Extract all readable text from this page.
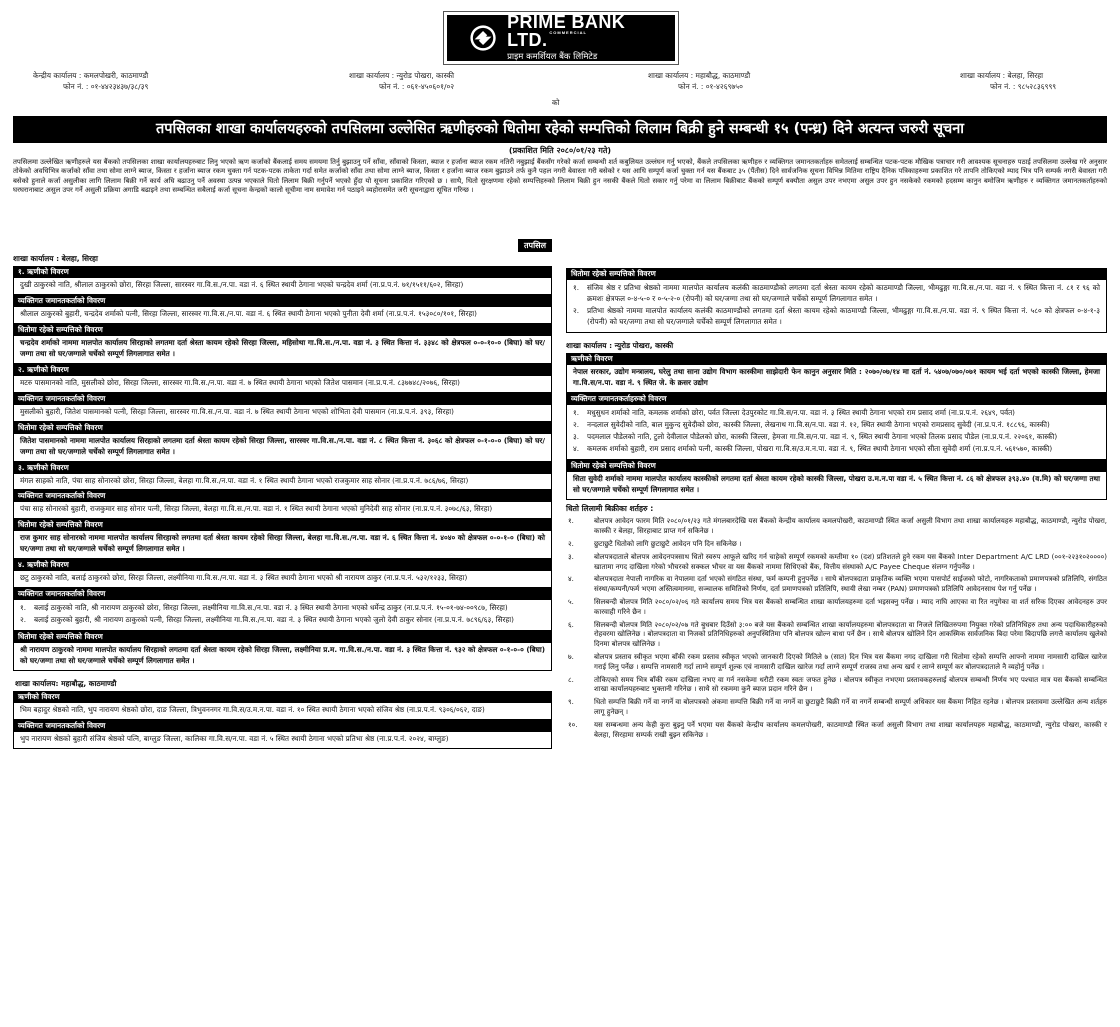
PRIME BANK LTD. $^{COMMERCIAL}$
प्राइम कमर्शियल बैंक लिमिटेड
केन्द्रीय कार्यालय : कमलपोखरी, काठमाण्डौ
फोन नं. : ०१-४४२३४३७/३८/३९
शाखा कार्यालय : न्युरोड पोखरा, कास्की
फोन नं. : ०६१-४५०६०१/०२
शाखा कार्यालय : महाबौद्ध, काठमाण्डौ
फोन नं. : ०१-४२६९७५०
शाखा कार्यालय : बेलहा, सिरहा
फोन नं. : ९८५२८३६९९९
को
तपसिलका शाखा कार्यालयहरुको तपसिलमा उल्लेसित ऋणीहरुको धितोमा रहेको सम्पत्तिको लिलाम बिक्री हुने सम्बन्धी १५ (पन्ध्र) दिने अत्यन्त जरुरी सूचना
(प्रकाशित मिति २०८०/०१/२३ गते)
तपसिलमा उल्लेखित ऋणीहरुले यस बैंकको तपसिलका शाखा कार्यालयहरुबाट लिनु भएको ऋण कर्जाको बैंकलाई समय समयमा तिर्नु बुझाउनु पर्ने साँवा, साँवाको किस्ता, ब्याज र हर्जाना ब्याज रकम नतिरी नबुझाई बैंकसँग गरेको कर्जा सम्बन्धी शर्त कबुलियत उल्लंघन गर्नु भएको, बैंकले तपसिलका ऋणीहरु र व्यक्तिगत जमानतकर्ताहरु समेतलाई सम्बन्धित पटक-पटक मौखिक पत्राचार गरी आवश्यक सूचनाहरु पठाई तपसिलमा उल्लेख गरे अनुसार तोकेको अवधिभित्र कर्जाको साँवा तथा सोमा लाग्ने ब्याज, किस्ता र हर्जाना ब्याज रकम चुक्ता गर्न पटक-पटक ताकेता गर्दा समेत कर्जाको साँवा तथा सोमा लाग्ने ब्याज, किस्ता र हर्जाना ब्याज रकम बुझाउने तर्फ कुनै पहल नगरी बेवास्ता गरी बसेको र यस आधि सम्पूर्ण कर्जा चुक्ता गर्न यस बैंकबाट ३५ (पैंतीस) दिने सार्वजनिक सूचना विभिन्न मितिमा राष्ट्रिय दैनिक पत्रिकाहरुमा प्रकाशित गरे तापनि तोकिएको म्याद भित्र पनि सम्पर्क नगरी बेवास्ता गरी बसेको हुनाले कर्जा असुलीका लागि लिलाम बिक्री गर्ने कार्य अघि बढाउनु पर्ने अवस्था उत्पन्न भएकाले धितो लिलाम बिक्री गर्नुपर्ने भएको हुँदा यो सूचना प्रकाशित गरिएको छ । साथै, धितो सुरक्षणमा रहेको सम्पत्तिहरुको लिलाम बिक्री हुन नसकी बैंकले धितो सकार गर्नु परेमा वा लिलाम बिक्रीबाट बैंकको सम्पूर्ण बक्यौता असुल उपर नभएमा असुल उपर हुन नसकेको रकमको हदसम्म कानुन बमोजिम ऋणीहरु र व्यक्तिगत जमानतकर्ताहरुको घरघरानाबाट असुल उपर गर्ने असुली प्रक्रिया अगाडि बढाइने तथा सम्बन्धित सबैलाई कर्जा सूचना केन्द्रको कालो सूचीमा नाम समावेश गर्न पठाइने व्यहोरासमेत जरी सूचनाद्वारा सूचित गरिन्छ ।
तपसिल
शाखा कार्यालय : बेलहा, सिरहा
१. ऋणीको विवरण
दुखी ठाकुरको नाति, श्रीलाल ठाकुरको छोरा, सिरहा जिल्ला, सारस्वर गा.वि.स./न.पा. वडा नं. ६ स्थित स्थायी ठेगाना भएको चन्द्रदेव शर्मा (ना.प्र.प.नं. ७१/१५११/६०२, सिरहा)
व्यक्तिगत जमानतकर्ताको विवरण
श्रीलाल ठाकुरको बुहारी, चन्द्रदेव शर्माको पत्नी, सिरहा जिल्ला, सारस्वर गा.वि.स./न.पा. वडा नं. ६ स्थित स्थायी ठेगाना भएको पुनीता देवी शर्मा (ना.प्र.प.नं. १५३०८०/१०१, सिरहा)
धितोमा रहेको सम्पत्तिको विवरण
चन्द्रदेव शर्माको नाममा मालपोत कार्यालय सिरहाको लगतमा दर्ता श्रेस्ता कायम रहेको सिरहा जिल्ला, महिसोथा गा.वि.स./न.पा. वडा नं. ३ स्थित कित्ता नं. ३३४८ को क्षेत्रफल ०-०-१०-० (बिघा) को घर/जग्गा तथा सो घर/जग्गाले चर्चेको सम्पूर्ण लिगलागात समेत ।
२. ऋणीको विवरण
मटरु पासमानको नाति, मुसलीको छोरा, सिरहा जिल्ला, सारस्वर गा.वि.स./न.पा. वडा नं. ७ स्थित स्थायी ठेगाना भएको जितेश पासमान (ना.प्र.प.नं. ८३७७४८/२०७६, सिरहा)
व्यक्तिगत जमानतकर्ताको विवरण
मुसलीको बुहारी, जितेश पासमानको पत्नी, सिरहा जिल्ला, सारस्वर गा.वि.स./न.पा. वडा नं. ७ स्थित स्थायी ठेगाना भएको शोभिता देवी पासमान (ना.प्र.प.नं. ३९३, सिरहा)
धितोमा रहेको सम्पत्तिको विवरण
जितेश पासमानको नाममा मालपोत कार्यालय सिरहाको लगतमा दर्ता श्रेस्ता कायम रहेको सिरहा जिल्ला, सारस्वर गा.वि.स./न.पा. वडा नं. ८ स्थित कित्ता नं. ३०६८ को क्षेत्रफल ०-१-०-० (बिघा) को घर/जग्गा तथा सो घर/जग्गाले चर्चेको सम्पूर्ण लिगलागात समेत ।
३. ऋणीको विवरण
मंगल साहको नाति, पंचा साह सोनारको छोरा, सिरहा जिल्ला, बेलहा गा.वि.स./न.पा. वडा नं. १ स्थित स्थायी ठेगाना भएको राजकुमार साह सोनार (ना.प्र.प.नं. ७८६/७६, सिरहा)
व्यक्तिगत जमानतकर्ताको विवरण
पंचा साह सोनारको बुहारी, राजकुमार साह सोनार पत्नी, सिरहा जिल्ला, बेलहा गा.वि.स./न.पा. वडा नं. १ स्थित स्थायी ठेगाना भएको मुनिदेवी साह सोनार (ना.प्र.प.नं. ३०७८/६३, सिरहा)
धितोमा रहेको सम्पत्तिको विवरण
राज कुमार साह सोनारको नाममा मालपोत कार्यालय सिरहाको लगतमा दर्ता श्रेस्ता कायम रहेको सिरहा जिल्ला, बेलहा गा.वि.स./न.पा. वडा नं. ६ स्थित कित्ता नं. ४०४० को क्षेत्रफल ०-०-१-० (बिघा) को घर/जग्गा तथा सो घर/जग्गाले चर्चेको सम्पूर्ण लिगलागात समेत ।
४. ऋणीको विवरण
छटु ठाकुरको नाति, बलाई ठाकुरको छोरा, सिरहा जिल्ला, लक्ष्मीनिया गा.वि.स./न.पा. वडा नं. ३ स्थित स्थायी ठेगाना भएको श्री नारायण ठाकुर (ना.प्र.प.नं. ५३२/१२३३, सिरहा)
व्यक्तिगत जमानतकर्ताको विवरण
१.	बलाई ठाकुरको नाति, श्री नारायण ठाकुरको छोरा, सिरहा जिल्ला, लक्ष्मीनिया गा.वि.स./न.पा. वडा नं. ३ स्थित स्थायी ठेगाना भएको धर्मेन्द्र ठाकुर (ना.प्र.प.नं. १५-०१-७४-००९८७, सिरहा)
२.	बलाई ठाकुरको बुहारी, श्री नारायण ठाकुरको पत्नी, सिरहा जिल्ला, लक्ष्मीनिया गा.वि.स./न.पा. वडा नं. ३ स्थित स्थायी ठेगाना भएको जुलो देवी ठाकुर सोनार (ना.प्र.प.नं. ७८९६/६३, सिरहा)
धितोमा रहेको सम्पत्तिको विवरण
श्री नारायण ठाकुरको नाममा मालपोत कार्यालय सिरहाको लगतमा दर्ता श्रेस्ता कायम रहेको सिरहा जिल्ला, लक्ष्मीनिया प्र.म. गा.वि.स./न.पा. वडा नं. ३ स्थित कित्ता नं. ९३२ को क्षेत्रफल ०-१-०-० (बिघा) को घर/जग्गा तथा सो घर/जग्गाले चर्चेको सम्पूर्ण लिगलागात समेत ।
शाखा कार्यालय: महाबौद्ध, काठमाण्डौ
ऋणीको विवरण
भिम बहादुर श्रेष्ठको नाति, भुप नारायण श्रेष्ठको छोरा, दाङ जिल्ला, त्रिभुवननगर गा.वि.स/उ.म.न.पा. वडा नं. १० स्थित स्थायी ठेगाना भएको संजिव श्रेष्ठ (ना.प्र.प.नं. ९३०६/०६२, दाङ)
व्यक्तिगत जमानतकर्ताको विवरण
भुप नारायण श्रेष्ठको बुहारी संजिव श्रेष्ठको पत्नि, बाग्लुङ जिल्ला, कालिका गा.वि.स/न.पा. वडा नं. ५ स्थित स्थायी ठेगाना भएको प्रतिभा श्रेष्ठ (ना.प्र.प.नं. २०२४, बाग्लुङ)
धितोमा रहेको सम्पत्तिको विवरण
१.	संजिव श्रेष्ठ र प्रतिभा श्रेष्ठको नाममा मालपोत कार्यालय कलंकी काठमाण्डौको लगतमा दर्ता श्रेस्ता कायम रहेको काठमाण्डौ जिल्ला, भीमढुङ्गा गा.वि.स./न.पा. वडा नं. ९ स्थित कित्ता नं. ८१ र ९६ को क्रमशः क्षेत्रफल ०-४-५-० र ०-५-२-० (रोपनी) को घर/जग्गा तथा सो घर/जग्गाले चर्चेको सम्पूर्ण लिगलागात समेत ।
२.	प्रतिभा श्रेष्ठको नाममा मालपोत कार्यालय कलंकी काठमाण्डौको लगतमा दर्ता श्रेस्ता कायम रहेको काठमाण्डौ जिल्ला, भीमढुङ्गा गा.वि.स./न.पा. वडा नं. ९ स्थित कित्ता नं. ५८० को क्षेत्रफल ०-४-१-३ (रोपनी) को घर/जग्गा तथा सो घर/जग्गाले चर्चेको सम्पूर्ण लिगलागात समेत ।
शाखा कार्यालय : न्युरोड पोखरा, कास्की
ऋणीको विवरण
नेपाल सरकार, उद्योग मन्त्रालय, घरेलु तथा साना उद्योग विभाग कास्कीमा साझेदारी फेन कानुन अनुसार मिति : २०७०/०७/१४ मा दर्ता नं. ५४०७/०७०/०७१ कायम भई दर्ता भएको कास्की जिल्ला, हेमजा गा.वि.स/न.पा. वडा नं. ९ स्थित जे. के क्रसर उद्योग
व्यक्तिगत जमानतकर्ताहरुको विवरण
१.	मधुसुधन शर्माको नाति, कमलक शर्माको छोरा, पर्वत जिल्ला देउपुरकोट गा.वि.स/न.पा. वडा नं. ३ स्थित स्थायी ठेगाना भएको राम प्रसाद शर्मा (ना.प्र.प.नं. २६४९, पर्वत)
२.	नन्दलाल सुवेदीको नाति, बाल मुकुन्द सुवेदीको छोरा, कास्की जिल्ला, लेखनाथ गा.वि.स/न.पा. वडा नं. १२, स्थित स्थायी ठेगाना भएको रामप्रसाद सुवेदी (ना.प्र.प.नं. १८८९६, कास्की)
३.	पदमलाल पौडेलको नाति, टुलो देवीलाल पौडेलको छोरा, कास्की जिल्ला, हेमजा गा.वि.स/न.पा. वडा नं. ९, स्थित स्थायी ठेगाना भएको तिलक प्रसाद पौडेल (ना.प्र.प.नं. २२०६१, कास्की)
४.	कमलक शर्माको बुहारी, राम प्रसाद शर्माको पत्नी, कास्की जिल्ला, पोखरा गा.वि.स/उ.म.न.पा. वडा नं. ९, स्थित स्थायी ठेगाना भएको सीता सुवेदी शर्मा (ना.प्र.प.नं. ५६१५७०, कास्की)
धितोमा रहेको सम्पत्तिको विवरण
सिता सुवेदी शर्माको नाममा मालपोत कार्यालय कास्कीको लगतमा दर्ता श्रेस्ता कायम रहेको कास्की जिल्ला, पोखरा उ.म.न.पा वडा नं. ५ स्थित कित्ता नं. ८६ को क्षेत्रफल ३९३.४० (व.मि) को घर/जग्गा तथा सो घर/जग्गाले चर्चेको सम्पूर्ण लिगलागात समेत ।
धितो लिलामी बिक्रीका शर्तहरु :
१.	बोलपत्र आवेदन फारम मिति २०८०/०१/२३ गते मंगलबारदेखि यस बैंकको केन्द्रीय कार्यालय कमलपोखरी, काठमाण्डौ स्थित कर्जा असुली विभाग तथा शाखा कार्यालयहरु महाबौद्ध, काठमाण्डौ, न्युरोड पोखरा, कास्की र बेलहा, सिरहाबाट प्राप्त गर्न सकिनेछ ।
२.	छुटाछुटै धितोको लागि छुटाछुटै आवेदन पनि दिन सकिनेछ ।
३.	बोलपत्रदाताले बोलपत्र आवेदनपत्रसाथ धितो स्वरुप आफूले खरिद गर्न चाहेको सम्पूर्ण रकमको कम्तीमा १० (दश) प्रतिशतले हुने रकम यस बैंकको Inter Department A/C LRD (००१-२२३१०२००००) खातामा नगद दाखिला गरेको भौचरको सक्कल भौचर वा यस बैंकको नाममा सिधिएको बैंक, वित्तीय संस्थाको A/C Payee Cheque संलग्न गर्नुपर्नेछ ।
४.	बोलपत्रदाता नेपाली नागरिक वा नेपालमा दर्ता भएको संगठित संस्था, फर्म कम्पनी हुनुपर्नेछ । साथै बोलपत्रदाता प्राकृतिक व्यक्ति भएमा पासपोर्ट साईजको फोटो, नागरिकताको प्रमाणपत्रको प्रतिलिपि, संगठित संस्था/कम्पनी/फर्म भएमा अस्तित्वमानमा, सञ्चालक समितिको निर्णय, दर्ता प्रमाणपत्रको प्रतिलिपि, स्थायी लेखा नम्बर (PAN) प्रमाणपत्रको प्रतिलिपि आवेदनसाथ पेश गर्नु पर्नेछ ।
५.	सिलबन्दी बोलपत्र मिति २०८०/०२/०६ गते कार्यालय समय भित्र यस बैंकको सम्बन्धित शाखा कार्यालयहरुमा दर्ता भइसक्नु पर्नेछ । म्याद नाघि आएका वा रित नपुगेका वा शर्त सरिक दिएका आवेदनहरु उपर कारवाही गरिने छैन ।
६.	सिलबन्दी बोलपत्र मिति २०८०/०२/०७ गते बुधबार दिउँसो ३:०० बजे यस बैंकको सम्बन्धित शाखा कार्यालयहरुमा बोलपत्रदाता वा निजले लिखितरुपमा नियुक्त गरेको प्रतिनिधिहरु तथा अन्य पदाधिकारीहरुको रोहवरमा खोलिनेछ । बोलपत्रदाता वा निजको प्रतिनिधिहरुको अनुपस्थितिमा पनि बोलपत्र खोल्न बाधा पर्ने छैन । साथै बोलपत्र खोलिने दिन आकस्मिक सार्वजनिक बिदा परेमा बिदापछि लगत्तै कार्यालय खुलेको दिनमा बोलपत्र खोलिनेछ ।
७.	बोलपत्र प्रस्ताव स्वीकृत भएमा बाँकी रकम प्रस्ताव स्वीकृत भएको जानकारी दिएको मितिले ७ (सात) दिन भित्र यस बैंकमा नगद दाखिला गरी धितोमा रहेको सम्पत्ति आफ्नो नाममा नामसारी दाखिल खारेज गराई लिनु पर्नेछ । सम्पत्ति नामसारी गर्दा लाग्ने सम्पूर्ण शुल्क एवं नामसारी दाखिल खारेज गर्दा लाग्ने सम्पूर्ण राजस्व तथा अन्य खर्च र लाग्ने सम्पूर्ण कर बोलपत्रदाताले नै व्यहोर्नु पर्नेछ ।
८.	तोकिएको समय भित्र बाँकी रकम दाखिला नभए वा गर्न नसकेमा धरौटी रकम स्वतः जफत हुनेछ । बोलपत्र स्वीकृत नभएमा प्रस्तावकहरुलाई बोलपत्र सम्बन्धी निर्णय भए पश्चात मात्र यस बैंकको सम्बन्धित शाखा कार्यालयहरुबाट भुक्तानी गरिनेछ । साथै सो रकममा कुनै ब्याज प्रदान गरिने छैन ।
९.	धितो सम्पत्ति बिक्री गर्ने वा नगर्ने वा बोलपत्रको अंकमा सम्पत्ति बिक्री गर्ने वा नगर्ने वा छुटाछुटै बिक्री गर्ने वा नगर्ने सम्बन्धी सम्पूर्ण अधिकार यस बैंकमा निहित रहनेछ । बोलपत्र प्रस्तावमा उल्लेखित अन्य शर्तहरु लागू हुनेछन् ।
१०.	यस सम्बन्धमा अन्य केही कुरा बुझ्नु पर्ने भएमा यस बैंकको केन्द्रीय कार्यालय कमलपोखरी, काठमाण्डौ स्थित कर्जा असुली विभाग तथा शाखा कार्यालयहरु महाबौद्ध, काठमाण्डौ, न्युरोड पोखरा, कास्की र बेलहा, सिरहामा सम्पर्क राखी बुझ्न सकिनेछ ।
